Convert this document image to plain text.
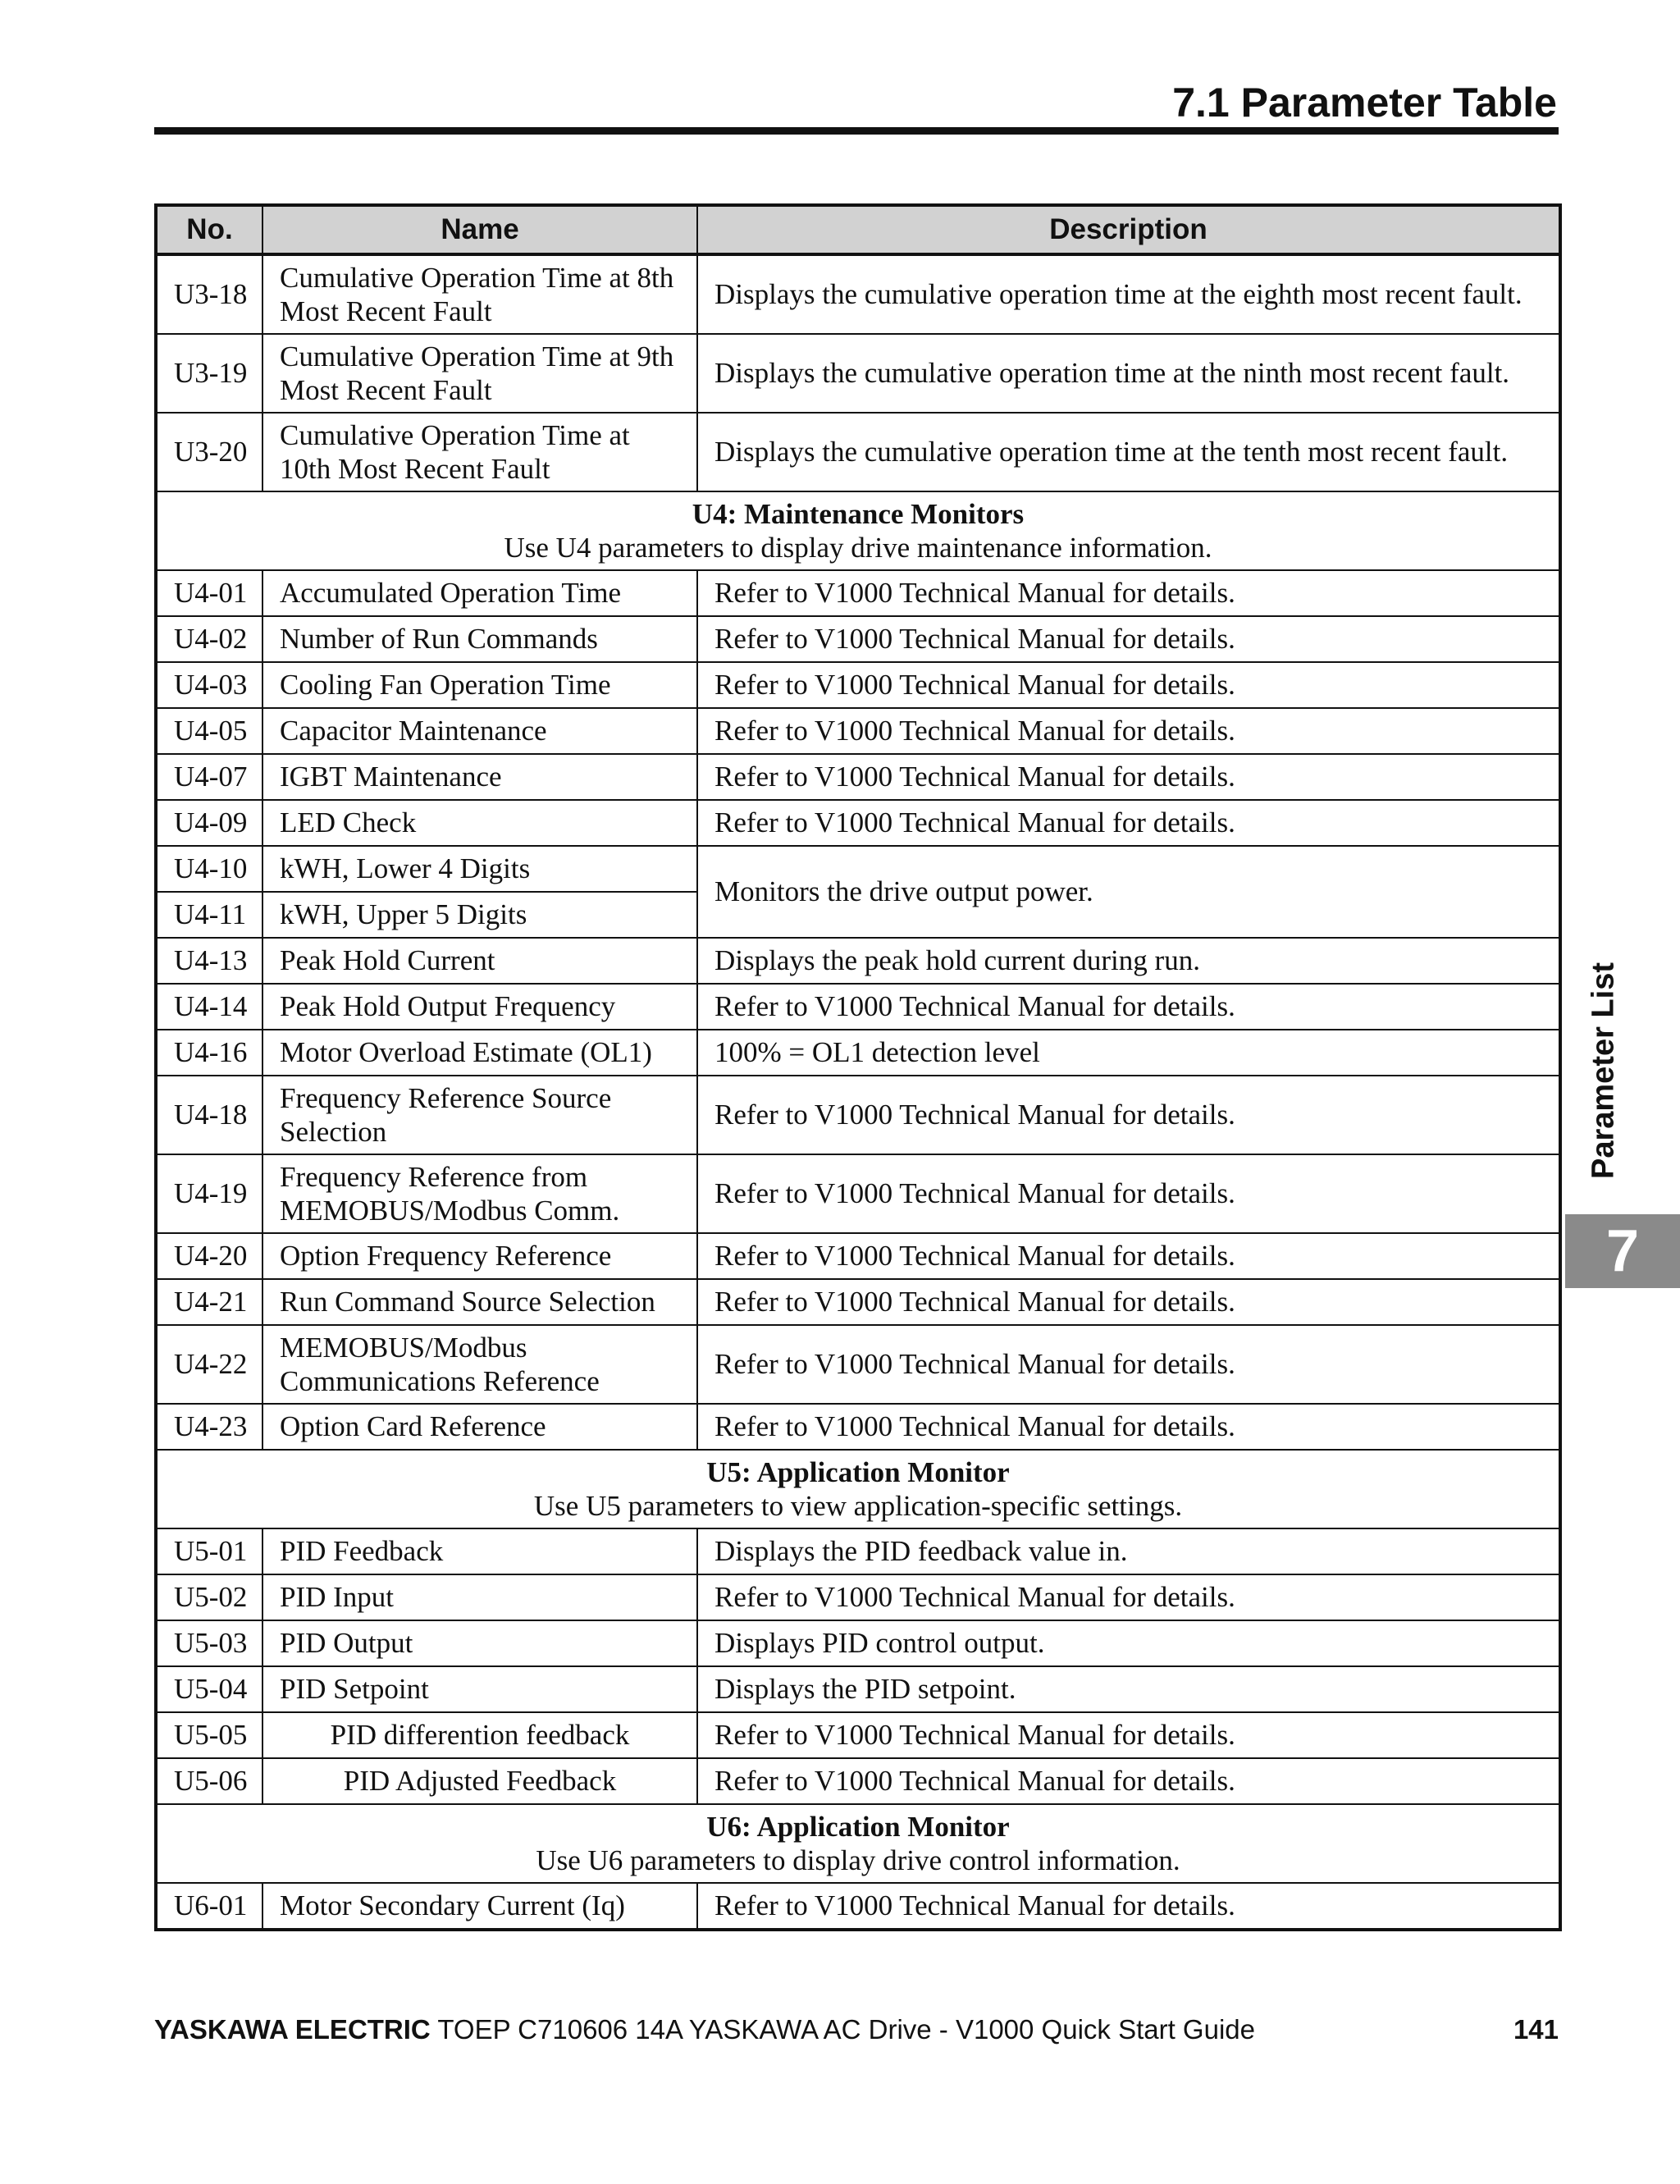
7.1 Parameter Table
No.	Name	Description
U3-18	Cumulative Operation Time at 8th Most Recent Fault	Displays the cumulative operation time at the eighth most recent fault.
U3-19	Cumulative Operation Time at 9th Most Recent Fault	Displays the cumulative operation time at the ninth most recent fault.
U3-20	Cumulative Operation Time at 10th Most Recent Fault	Displays the cumulative operation time at the tenth most recent fault.

U4: Maintenance Monitors
Use U4 parameters to display drive maintenance information.		

U4-01	Accumulated Operation Time	Refer to V1000 Technical Manual for details.
U4-02	Number of Run Commands	Refer to V1000 Technical Manual for details.
U4-03	Cooling Fan Operation Time	Refer to V1000 Technical Manual for details.
U4-05	Capacitor Maintenance	Refer to V1000 Technical Manual for details.
U4-07	IGBT Maintenance	Refer to V1000 Technical Manual for details.
U4-09	LED Check	Refer to V1000 Technical Manual for details.
U4-10	kWH, Lower 4 Digits	Monitors the drive output power.
U4-11	kWH, Upper 5 Digits	
U4-13	Peak Hold Current	Displays the peak hold current during run.
U4-14	Peak Hold Output Frequency	Refer to V1000 Technical Manual for details.
U4-16	Motor Overload Estimate (OL1)	100% = OL1 detection level
U4-18	Frequency Reference Source Selection	Refer to V1000 Technical Manual for details.
U4-19	Frequency Reference from MEMOBUS/Modbus Comm.	Refer to V1000 Technical Manual for details.
U4-20	Option Frequency Reference	Refer to V1000 Technical Manual for details.
U4-21	Run Command Source Selection	Refer to V1000 Technical Manual for details.
U4-22	MEMOBUS/Modbus Communications Reference	Refer to V1000 Technical Manual for details.
U4-23	Option Card Reference	Refer to V1000 Technical Manual for details.

U5: Application Monitor
Use U5 parameters to view application-specific settings.		

U5-01	PID Feedback	Displays the PID feedback value in.
U5-02	PID Input	Refer to V1000 Technical Manual for details.
U5-03	PID Output	Displays PID control output.
U5-04	PID Setpoint	Displays the PID setpoint.
U5-05	PID differention feedback	Refer to V1000 Technical Manual for details.
U5-06	PID Adjusted Feedback	Refer to V1000 Technical Manual for details.

U6: Application Monitor
Use U6 parameters to display drive control information.		

U6-01	Motor Secondary Current (Iq)	Refer to V1000 Technical Manual for details.
Parameter List
7
YASKAWA ELECTRIC TOEP C710606 14A YASKAWA AC Drive - V1000 Quick Start Guide	141
